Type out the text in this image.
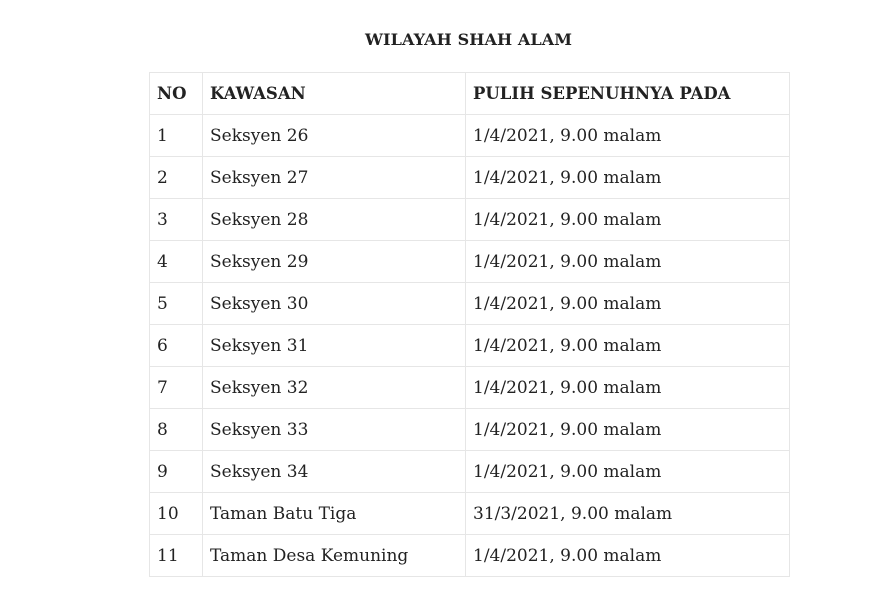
WILAYAH SHAH ALAM
NO	KAWASAN	PULIH SEPENUHNYA PADA
1	Seksyen 26	1/4/2021, 9.00 malam
2	Seksyen 27	1/4/2021, 9.00 malam
3	Seksyen 28	1/4/2021, 9.00 malam
4	Seksyen 29	1/4/2021, 9.00 malam
5	Seksyen 30	1/4/2021, 9.00 malam
6	Seksyen 31	1/4/2021, 9.00 malam
7	Seksyen 32	1/4/2021, 9.00 malam
8	Seksyen 33	1/4/2021, 9.00 malam
9	Seksyen 34	1/4/2021, 9.00 malam
10	Taman Batu Tiga	31/3/2021, 9.00 malam
11	Taman Desa Kemuning	1/4/2021, 9.00 malam
